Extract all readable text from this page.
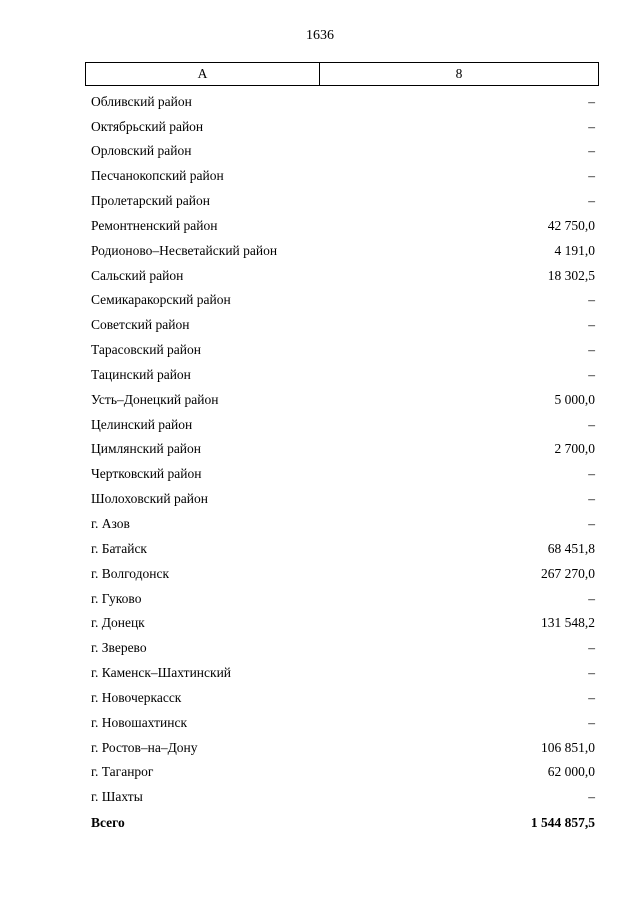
1636
А	8
Обливский район	–
Октябрьский район	–
Орловский район	–
Песчанокопский район	–
Пролетарский район	–
Ремонтненский район	42 750,0
Родионово–Несветайский район	4 191,0
Сальский район	18 302,5
Семикаракорский район	–
Советский район	–
Тарасовский район	–
Тацинский район	–
Усть–Донецкий район	5 000,0
Целинский район	–
Цимлянский район	2 700,0
Чертковский район	–
Шолоховский район	–
г. Азов	–
г. Батайск	68 451,8
г. Волгодонск	267 270,0
г. Гуково	–
г. Донецк	131 548,2
г. Зверево	–
г. Каменск–Шахтинский	–
г. Новочеркасск	–
г. Новошахтинск	–
г. Ростов–на–Дону	106 851,0
г. Таганрог	62 000,0
г. Шахты	–
Всего	1 544 857,5
